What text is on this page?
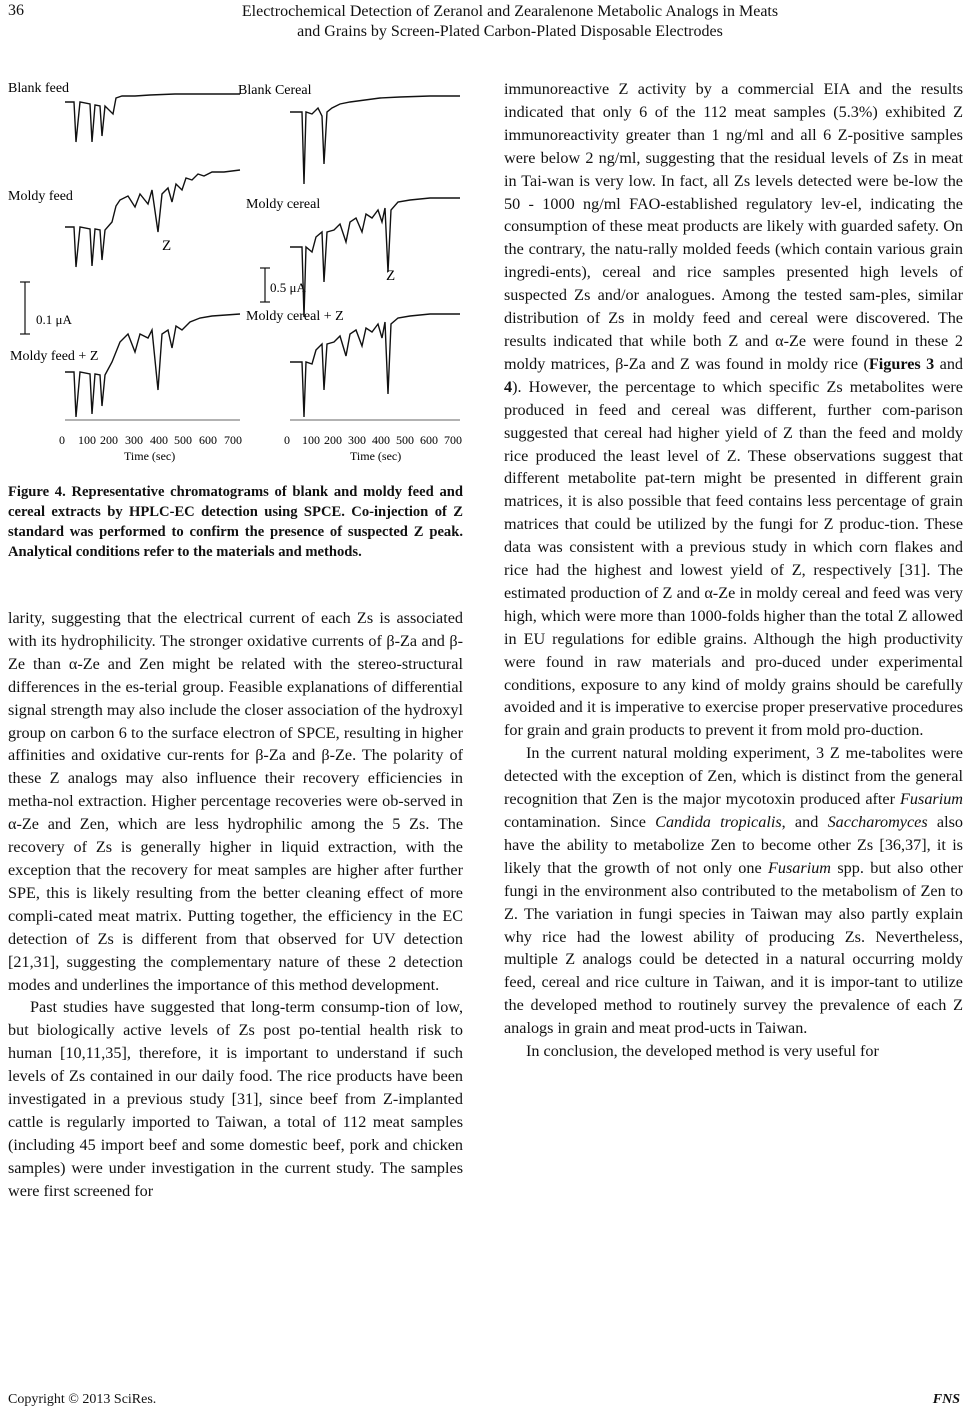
36	Electrochemical Detection of Zeranol and Zearalenone Metabolic Analogs in Meats
and Grains by Screen-Plated Carbon-Plated Disposable Electrodes
Blank feed
Moldy feed
Moldy feed + Z
Z
0.1 μA
0 100 200 300 400 500 600 700
Time (sec)
Blank Cereal
Moldy cereal
Moldy cereal + Z
Z
0.5 μA
0 100 200 300 400 500 600 700
Time (sec)
Figure 4. Representative chromatograms of blank and moldy feed and cereal extracts by HPLC-EC detection using SPCE. Co-injection of Z standard was performed to confirm the presence of suspected Z peak. Analytical conditions refer to the materials and methods.

larity, suggesting that the electrical current of each Zs is associated with its hydrophilicity. The stronger oxidative currents of β-Za and β-Ze than α-Ze and Zen might be related with the stereo-structural differences in the es-terial group. Feasible explanations of differential signal strength may also include the closer association of the hydroxyl group on carbon 6 to the surface electron of SPCE, resulting in higher affinities and oxidative cur-rents for β-Za and β-Ze. The polarity of these Z analogs may also influence their recovery efficiencies in metha-nol extraction. Higher percentage recoveries were ob-served in α-Ze and Zen, which are less hydrophilic among the 5 Zs. The recovery of Zs is generally higher in liquid extraction, with the exception that the recovery for meat samples are higher after further SPE, this is likely resulting from the better cleaning effect of more compli-cated meat matrix. Putting together, the efficiency in the EC detection of Zs is different from that observed for UV detection [21,31], suggesting the complementary nature of these 2 detection modes and underlines the importance of this method development.

Past studies have suggested that long-term consump-tion of low, but biologically active levels of Zs post po-tential health risk to human [10,11,35], therefore, it is important to understand if such levels of Zs contained in our daily food. The rice products have been investigated in a previous study [31], since beef from Z-implanted cattle is regularly imported to Taiwan, a total of 112 meat samples (including 45 import beef and some domestic beef, pork and chicken samples) were under investigation in the current study. The samples were first screened for

immunoreactive Z activity by a commercial EIA and the results indicated that only 6 of the 112 meat samples (5.3%) exhibited Z immunoreactivity greater than 1 ng/ml and all 6 Z-positive samples were below 2 ng/ml, suggesting that the residual levels of Zs in meat in Tai-wan is very low. In fact, all Zs levels detected were be-low the 50 - 1000 ng/ml FAO-established regulatory lev-el, indicating the consumption of these meat products are likely with guarded safety. On the contrary, the natu-rally molded feeds (which contain various grain ingredi-ents), cereal and rice samples presented high levels of suspected Zs and/or analogues. Among the tested sam-ples, similar distribution of Zs in moldy feed and cereal were discovered. The results indicated that while both Z and α-Ze were found in these 2 moldy matrices, β-Za and Z was found in moldy rice (Figures 3 and 4). However, the percentage to which specific Zs metabolites were produced in feed and cereal was different, further com-parison suggested that cereal had higher yield of Z than the feed and moldy rice produced the least level of Z. These observations suggest that different metabolite pat-tern might be presented in different grain matrices, it is also possible that feed contains less percentage of grain matrices that could be utilized by the fungi for Z produc-tion. These data was consistent with a previous study in which corn flakes and rice had the highest and lowest yield of Z, respectively [31]. The estimated production of Z and α-Ze in moldy cereal and feed was very high, which were more than 1000-folds higher than the total Z allowed in EU regulations for edible grains. Although the high productivity were found in raw materials and pro-duced under experimental conditions, exposure to any kind of moldy grains should be carefully avoided and it is imperative to exercise proper preservative procedures for grain and grain products to prevent it from mold pro-duction.

In the current natural molding experiment, 3 Z me-tabolites were detected with the exception of Zen, which is distinct from the general recognition that Zen is the major mycotoxin produced after Fusarium contamination. Since Candida tropicalis, and Saccharomyces also have the ability to metabolize Zen to become other Zs [36,37], it is likely that the growth of not only one Fusarium spp. but also other fungi in the environment also contributed to the metabolism of Zen to Z. The variation in fungi species in Taiwan may also partly explain why rice had the lowest ability of producing Zs. Nevertheless, multiple Z analogs could be detected in a natural occurring moldy feed, cereal and rice culture in Taiwan, and it is impor-tant to utilize the developed method to routinely survey the prevalence of each Z analogs in grain and meat prod-ucts in Taiwan.

In conclusion, the developed method is very useful for

Copyright © 2013 SciRes.	FNS
